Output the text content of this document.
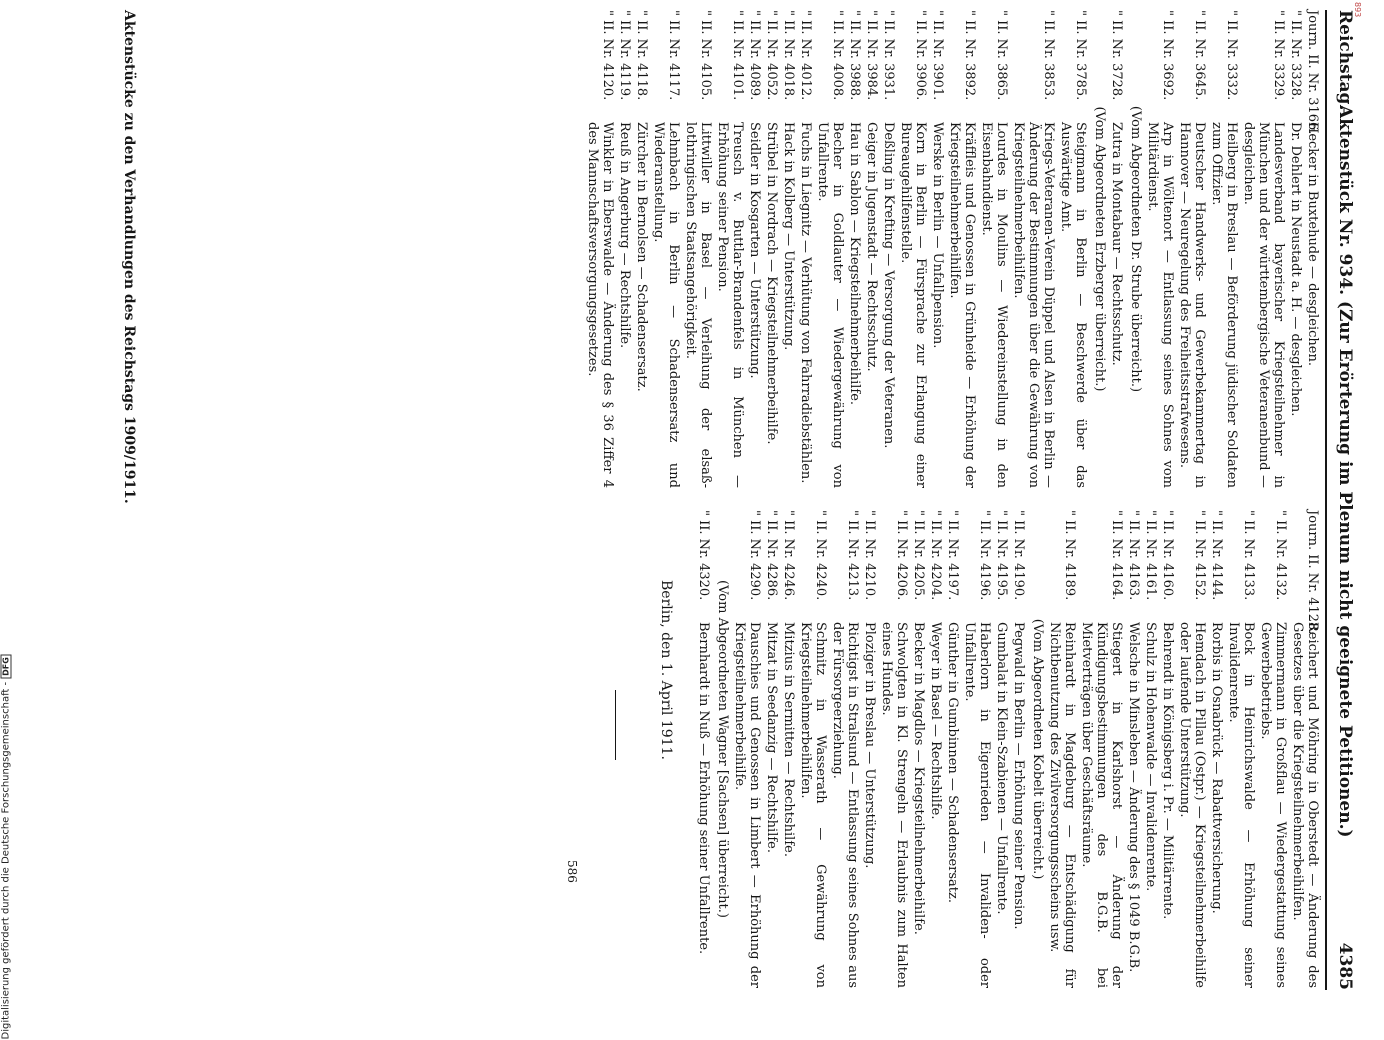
Reichstag.
Aktenstück Nr. 934. (Zur Erörterung im Plenum nicht geeignete Petitionen.)
4385
Journ. II. Nr. 3166.
Hecker in Buxtehude — desgleichen.
" II. Nr. 3328.
Dr. Dehlert in Neustadt a. H. — desgleichen.
" II. Nr. 3329.
Landesverband bayerischer Kriegsteilnehmer in München und der württembergische Veteranenbund — desgleichen.
" II. Nr. 3332.
Heilberg in Breslau — Beförderung jüdischer Soldaten zum Offizier.
" II. Nr. 3645.
Deutscher Handwerks- und Gewerbekammertag in Hannover — Neuregelung des Freiheitsstrafwesens.
" II. Nr. 3692.
Arp in Wöltenort — Entlassung seines Sohnes vom Militärdienst.
(Vom Abgeordneten Dr. Strube überreicht.)
" II. Nr. 3728.
Zutra in Montabaur — Rechtsschutz.
(Vom Abgeordneten Erzberger überreicht.)
" II. Nr. 3785.
Steigmann in Berlin — Beschwerde über das Auswärtige Amt.
" II. Nr. 3853.
Kriegs-Veteranen-Verein Düppel und Alsen in Berlin — Änderung der Bestimmungen über die Gewährung von Kriegsteilnehmerbeihilfen.
" II. Nr. 3865.
Lourdes in Moulins — Wiedereinstellung in den Eisenbahndienst.
" II. Nr. 3892.
Kräffleis und Genossen in Grünheide — Erhöhung der Kriegsteilnehmerbeihilfen.
" II. Nr. 3901.
Werske in Berlin — Unfallpension.
" II. Nr. 3906.
Korn in Berlin — Fürsprache zur Erlangung einer Bureaugehilfenstelle.
" II. Nr. 3931.
Deßling in Krefting — Versorgung der Veteranen.
" II. Nr. 3984.
Geiger in Jugenstadt — Rechtsschutz.
" II. Nr. 3988.
Hau in Sablon — Kriegsteilnehmerbeihilfe.
" II. Nr. 4008.
Becher in Goldlauter — Wiedergewährung von Unfallrente.
" II. Nr. 4012.
Fuchs in Liegnitz — Verhütung von Fahrradiebstählen.
" II. Nr. 4018.
Hack in Kolberg — Unterstützung.
" II. Nr. 4052.
Strübel in Nordrach — Kriegsteilnehmerbeihilfe.
" II. Nr. 4089.
Seidler in Kosgarten — Unterstützung.
" II. Nr. 4101.
Treusch v. Buttlar-Brandenfels in München — Erhöhung seiner Pension.
" II. Nr. 4105.
Littwiller in Basel — Verleihung der elsaß-lothringischen Staatsangehörigkeit.
" II. Nr. 4117.
Lehmbach in Berlin — Schadensersatz und Wiederanstellung.
" II. Nr. 4118.
Zürcher in Bernolsen — Schadensersatz.
" II. Nr. 4119.
Reuß in Angerburg — Rechtshilfe.
" II. Nr. 4120.
Winkler in Eberswalde — Änderung des § 36 Ziffer 4 des Mannschaftsversorgungsgesetzes.
Journ. II. Nr. 4128.
Reichert und Möhring in Oberstedt — Änderung des Gesetzes über die Kriegsteilnehmerbeihilfen.
" II. Nr. 4132.
Zimmermann in Großflau — Wiedergestattung seines Gewerbebetriebs.
" II. Nr. 4133.
Bock in Heinrichswalde — Erhöhung seiner Invalidenrente.
" II. Nr. 4144.
Rorbis in Osnabrück — Rabattversicherung.
" II. Nr. 4152.
Hemdach in Pillau (Ostpr.) — Kriegsteilnehmerbeihilfe oder laufende Unterstützung.
" II. Nr. 4160.
Behrendt in Königsberg i. Pr. — Militärrente.
" II. Nr. 4161.
Schulz in Hohenwalde — Invalidenrente.
" II. Nr. 4163.
Welsche in Minsleben — Änderung des § 1049 B.G.B.
" II. Nr. 4164.
Stiegert in Karlshorst — Änderung der Kündigungsbestimmungen des B.G.B. bei Mietverträgen über Geschäftsräume.
" II. Nr. 4189.
Reinhardt in Magdeburg — Entschädigung für Nichtbenutzung des Zivilversorgungsscheins usw.
(Vom Abgeordneten Kobelt überreicht.)
" II. Nr. 4190.
Pegwald in Berlin — Erhöhung seiner Pension.
" II. Nr. 4195.
Gumbalat in Klein-Szabienen — Unfallrente.
" II. Nr. 4196.
Haberlorn in Eigenrieden — Invaliden- oder Unfallrente.
" II. Nr. 4197.
Günther in Gumbinnen — Schadensersatz.
" II. Nr. 4204.
Weyer in Basel — Rechtshilfe.
" II. Nr. 4205.
Becker in Magdlos — Kriegsteilnehmerbeihilfe.
" II. Nr. 4206.
Schwolgten in Kl. Strengeln — Erlaubnis zum Halten eines Hundes.
" II. Nr. 4210.
Ploziger in Breslau — Unterstützung.
" II. Nr. 4213.
Richtigst in Stralsund — Entlassung seines Sohnes aus der Fürsorgeerziehung.
" II. Nr. 4240.
Schmitz in Wasserath — Gewährung von Kriegsteilnehmerbeihilfen.
" II. Nr. 4246.
Mitzius in Sermitten — Rechtshilfe.
" II. Nr. 4286.
Mitzat in Seedanzig — Rechtshilfe.
" II. Nr. 4290.
Dauschies und Genossen in Limbert — Erhöhung der Kriegsteilnehmerbeihilfe.
(Vom Abgeordneten Wagner [Sachsen] überreicht.)
" II. Nr. 4320.
Bernhardt in Nuß — Erhöhung seiner Unfallrente.
Berlin, den 1. April 1911.
586
Aktenstücke zu den Verhandlungen des Reichstags 1909/1911.
Digitalisierung gefördert durch die Deutsche Forschungsgemeinschaft -DFG
893
